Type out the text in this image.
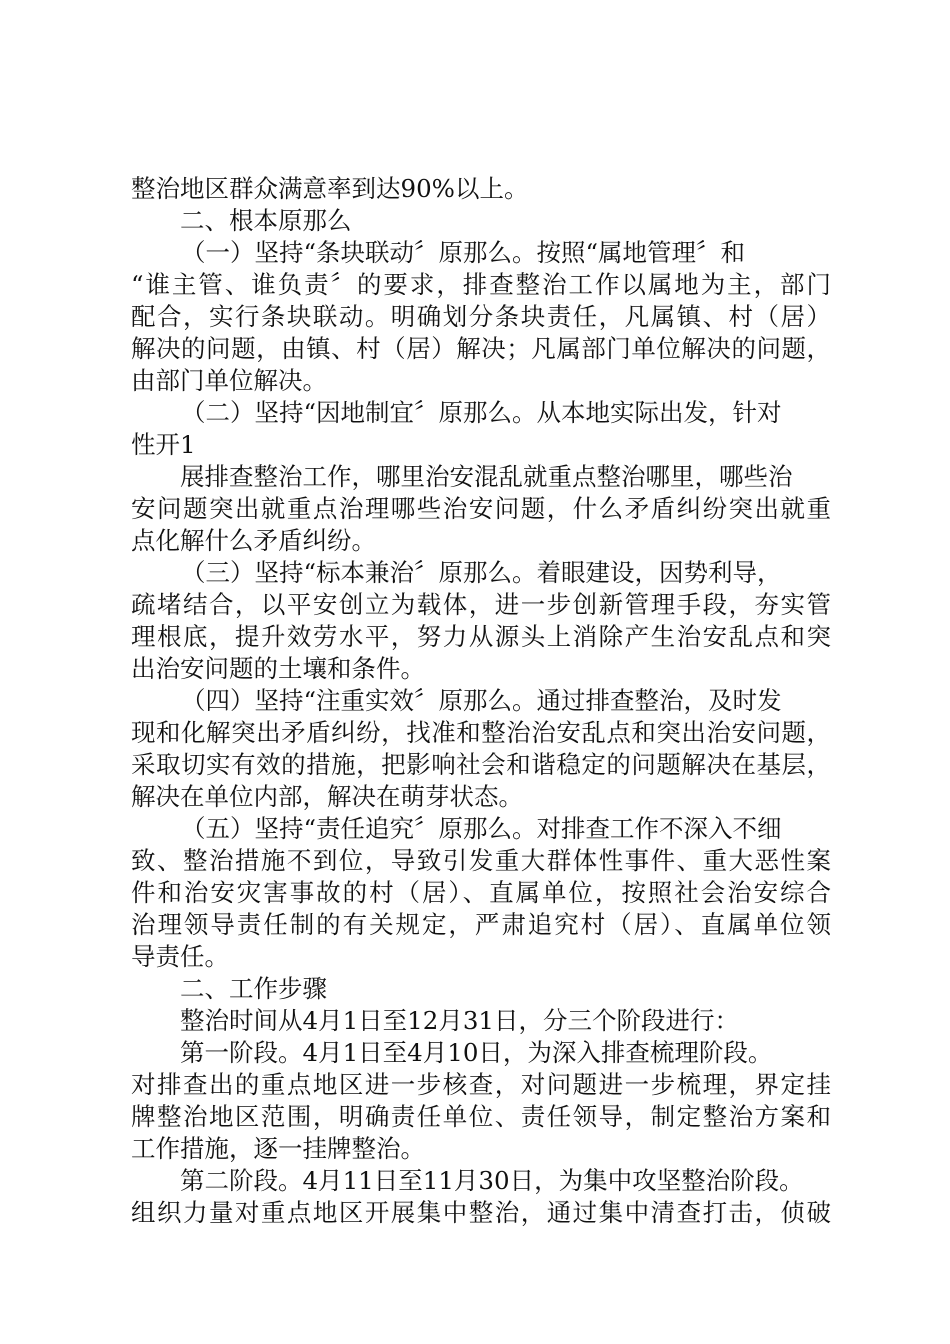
整治地区群众满意率到达90%以上。
二、根本原那么
（一）坚持“条块联动〞原那么。按照“属地管理〞和
“谁主管、谁负责〞的要求，排查整治工作以属地为主，部门
配合，实行条块联动。明确划分条块责任，凡属镇、村（居）
解决的问题，由镇、村（居）解决；凡属部门单位解决的问题，
由部门单位解决。
（二）坚持“因地制宜〞原那么。从本地实际出发，针对
性开1
展排查整治工作，哪里治安混乱就重点整治哪里，哪些治
安问题突出就重点治理哪些治安问题，什么矛盾纠纷突出就重
点化解什么矛盾纠纷。
（三）坚持“标本兼治〞原那么。着眼建设，因势利导，
疏堵结合，以平安创立为载体，进一步创新管理手段，夯实管
理根底，提升效劳水平，努力从源头上消除产生治安乱点和突
出治安问题的土壤和条件。
（四）坚持“注重实效〞原那么。通过排查整治，及时发
现和化解突出矛盾纠纷，找准和整治治安乱点和突出治安问题，
采取切实有效的措施，把影响社会和谐稳定的问题解决在基层，
解决在单位内部，解决在萌芽状态。
（五）坚持“责任追究〞原那么。对排查工作不深入不细
致、整治措施不到位，导致引发重大群体性事件、重大恶性案
件和治安灾害事故的村（居）、直属单位，按照社会治安综合
治理领导责任制的有关规定，严肃追究村（居）、直属单位领
导责任。
二、工作步骤
整治时间从4月1日至12月31日，分三个阶段进行：
第一阶段。4月1日至4月10日，为深入排查梳理阶段。
对排查出的重点地区进一步核查，对问题进一步梳理，界定挂
牌整治地区范围，明确责任单位、责任领导，制定整治方案和
工作措施，逐一挂牌整治。
第二阶段。4月11日至11月30日，为集中攻坚整治阶段。
组织力量对重点地区开展集中整治，通过集中清查打击，侦破
